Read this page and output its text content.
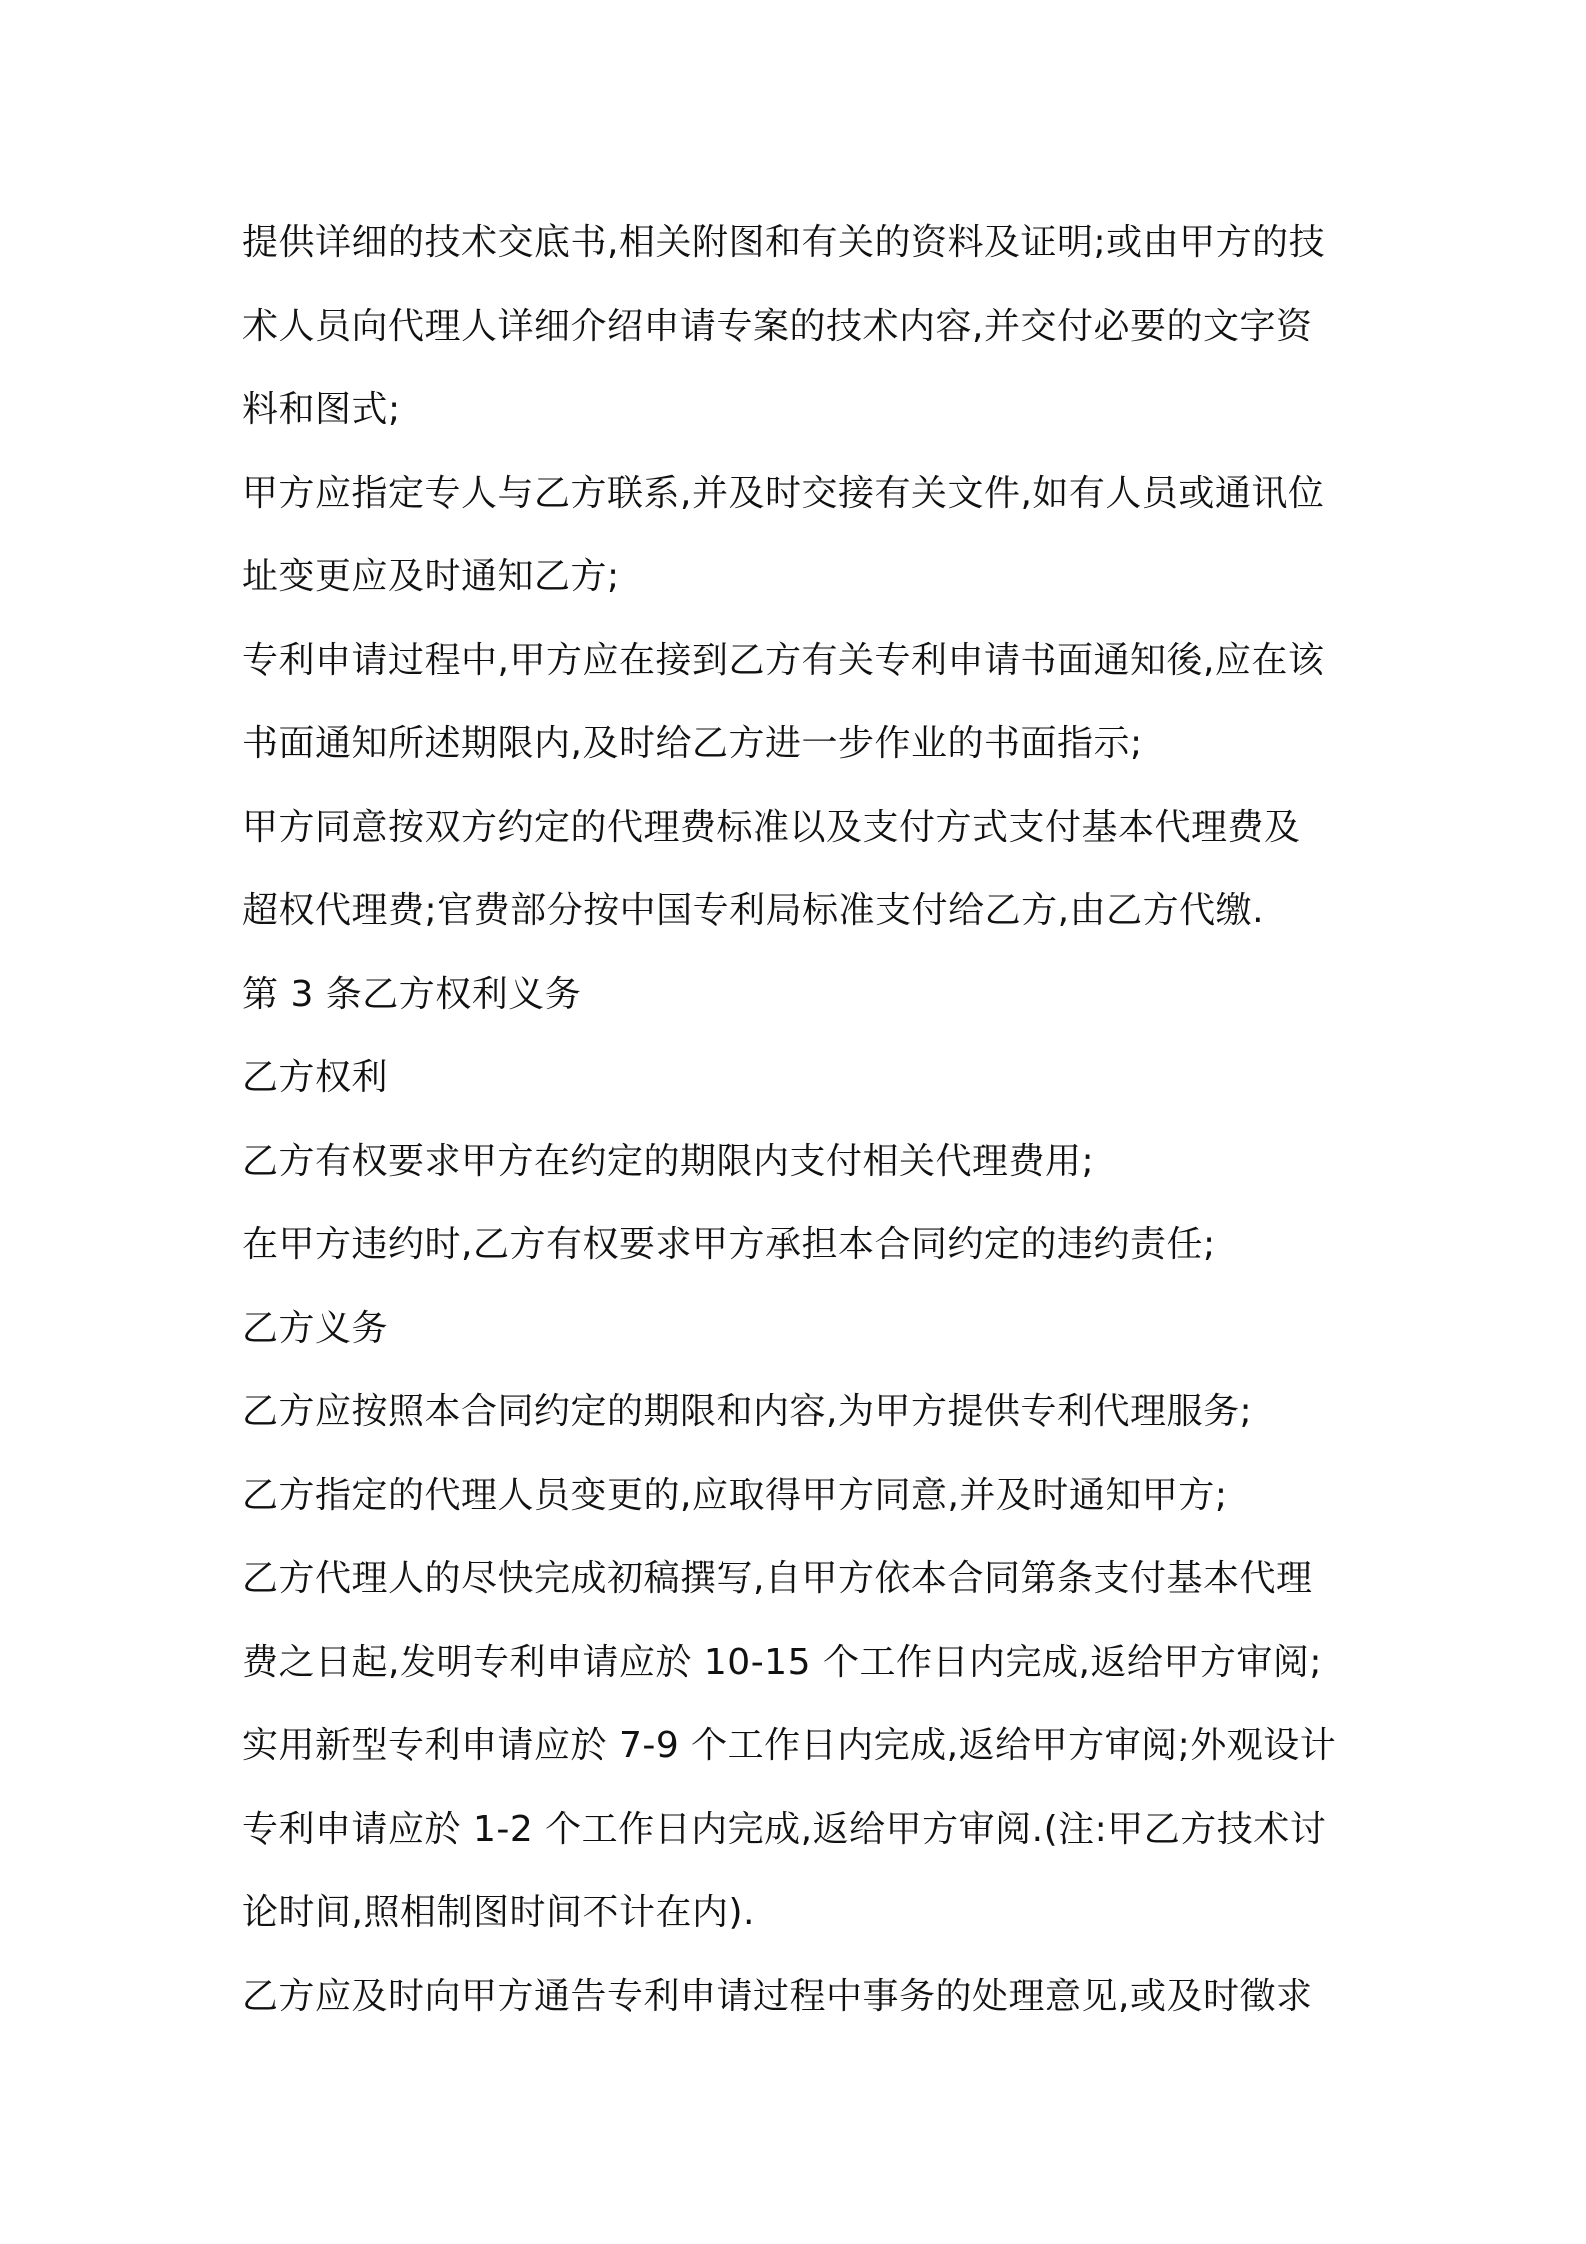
提供详细的技术交底书,相关附图和有关的资料及证明;或由甲方的技

术人员向代理人详细介绍申请专案的技术内容,并交付必要的文字资

料和图式;

甲方应指定专人与乙方联系,并及时交接有关文件,如有人员或通讯位

址变更应及时通知乙方;

专利申请过程中,甲方应在接到乙方有关专利申请书面通知後,应在该

书面通知所述期限内,及时给乙方进一步作业的书面指示;

甲方同意按双方约定的代理费标准以及支付方式支付基本代理费及

超权代理费;官费部分按中国专利局标准支付给乙方,由乙方代缴.

第 3 条乙方权利义务

乙方权利

乙方有权要求甲方在约定的期限内支付相关代理费用;

在甲方违约时,乙方有权要求甲方承担本合同约定的违约责任;

乙方义务

乙方应按照本合同约定的期限和内容,为甲方提供专利代理服务;

乙方指定的代理人员变更的,应取得甲方同意,并及时通知甲方;

乙方代理人的尽快完成初稿撰写,自甲方依本合同第条支付基本代理

费之日起,发明专利申请应於 10-15 个工作日内完成,返给甲方审阅;

实用新型专利申请应於 7-9 个工作日内完成,返给甲方审阅;外观设计

专利申请应於 1-2 个工作日内完成,返给甲方审阅.(注:甲乙方技术讨

论时间,照相制图时间不计在内).

乙方应及时向甲方通告专利申请过程中事务的处理意见,或及时徵求
